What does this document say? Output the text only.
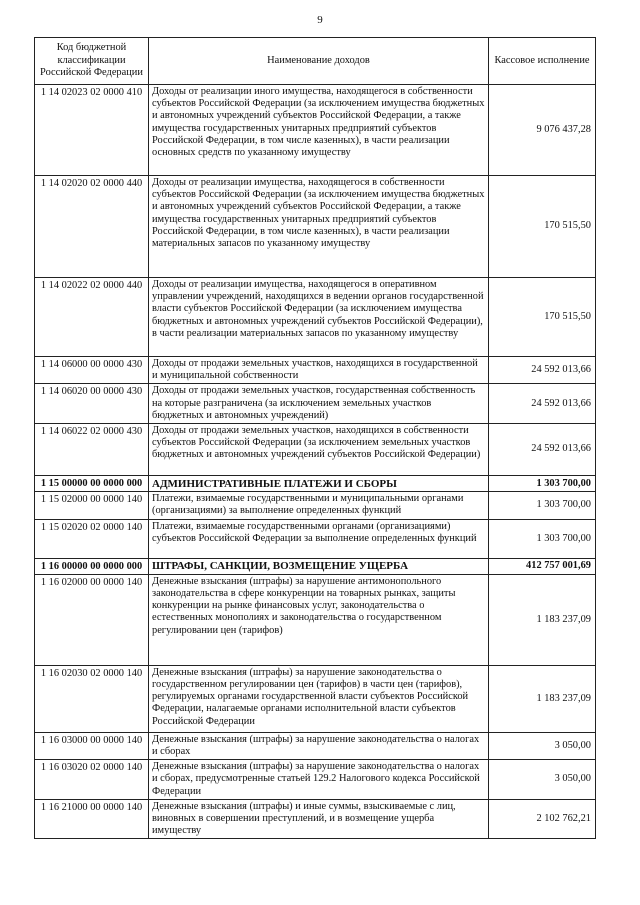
9
Код бюджетной классификации Российской Федерации	Наименование доходов	Кассовое исполнение
1 14 02023 02 0000 410	Доходы от реализации иного имущества, находящегося в собственности субъектов Российской Федерации (за исключением имущества бюджетных и автономных учреждений субъектов Российской Федерации, а также имущества государственных унитарных предприятий субъектов Российской Федерации, в том числе казенных), в части реализации основных средств по указанному имуществу	9 076 437,28
1 14 02020 02 0000 440	Доходы от реализации имущества, находящегося в собственности субъектов Российской Федерации (за исключением имущества бюджетных и автономных учреждений субъектов Российской Федерации, а также имущества государственных унитарных предприятий субъектов Российской Федерации, в том числе казенных), в части реализации материальных запасов по указанному имуществу	170 515,50
1 14 02022 02 0000 440	Доходы от реализации имущества, находящегося в оперативном управлении учреждений, находящихся в ведении органов государственной власти субъектов Российской Федерации (за исключением имущества бюджетных и автономных учреждений субъектов Российской Федерации), в части реализации материальных запасов по указанному имуществу	170 515,50
1 14 06000 00 0000 430	Доходы от продажи земельных участков, находящихся в государственной и муниципальной собственности	24 592 013,66
1 14 06020 00 0000 430	Доходы от продажи земельных участков, государственная собственность на которые разграничена (за исключением земельных участков бюджетных и автономных учреждений)	24 592 013,66
1 14 06022 02 0000 430	Доходы от продажи земельных участков, находящихся в собственности субъектов Российской Федерации (за исключением земельных участков бюджетных и автономных учреждений субъектов Российской Федерации)	24 592 013,66
1 15 00000 00 0000 000	АДМИНИСТРАТИВНЫЕ ПЛАТЕЖИ И СБОРЫ	1 303 700,00
1 15 02000 00 0000 140	Платежи, взимаемые государственными и муниципальными органами (организациями) за выполнение определенных функций	1 303 700,00
1 15 02020 02 0000 140	Платежи, взимаемые государственными органами (организациями) субъектов Российской Федерации за выполнение определенных функций	1 303 700,00
1 16 00000 00 0000 000	ШТРАФЫ, САНКЦИИ, ВОЗМЕЩЕНИЕ УЩЕРБА	412 757 001,69
1 16 02000 00 0000 140	Денежные взыскания (штрафы) за нарушение антимонопольного законодательства в сфере конкуренции на товарных рынках, защиты конкуренции на рынке финансовых услуг, законодательства о естественных монополиях и законодательства о государственном регулировании цен (тарифов)	1 183 237,09
1 16 02030 02 0000 140	Денежные взыскания (штрафы) за нарушение законодательства о государственном регулировании цен (тарифов) в части цен (тарифов), регулируемых органами государственной власти субъектов Российской Федерации, налагаемые органами исполнительной власти субъектов Российской Федерации	1 183 237,09
1 16 03000 00 0000 140	Денежные взыскания (штрафы) за нарушение законодательства о налогах и сборах	3 050,00
1 16 03020 02 0000 140	Денежные взыскания (штрафы) за нарушение законодательства о налогах и сборах, предусмотренные статьей 129.2 Налогового кодекса Российской Федерации	3 050,00
1 16 21000 00 0000 140	Денежные взыскания (штрафы) и иные суммы, взыскиваемые с лиц, виновных в совершении преступлений, и в возмещение ущерба имуществу	2 102 762,21
